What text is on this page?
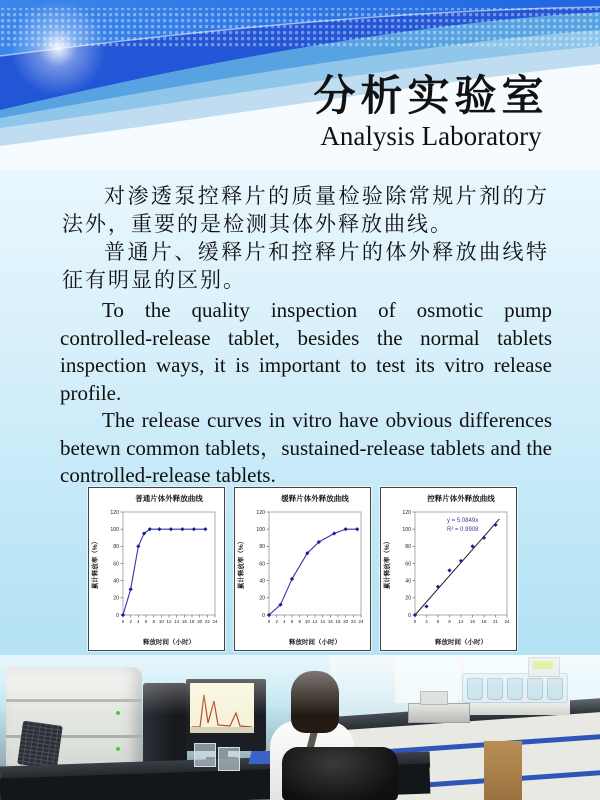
分析实验室
Analysis Laboratory

对渗透泵控释片的质量检验除常规片剂的方法外，重要的是检测其体外释放曲线。

普通片、缓释片和控释片的体外释放曲线特征有明显的区别。

To the quality inspection of osmotic pump controlled-release tablet, besides the normal tablets inspection ways, it is important to test its vitro release profile.

The release curves in vitro have obvious differences betewn common tablets，sustained-release tablets and the controlled-release tablets.

普通片体外释放曲线
0
20
40
60
80
100
120
0 2 4 6 8 10 12 14 16 18 20 22 24
释放时间（小时）
累计释放率（%）
缓释片体外释放曲线
0
20
40
60
80
100
120
0 2 4 6 8 10 12 14 16 18 20 22 24
释放时间（小时）
累计释放率（%）
控释片体外释放曲线
0
20
40
60
80
100
120
0 3 6 9 12 15 18 21 24
释放时间（小时）
累计释放率（%）
y = 5.0849x
R² = 0.9908
